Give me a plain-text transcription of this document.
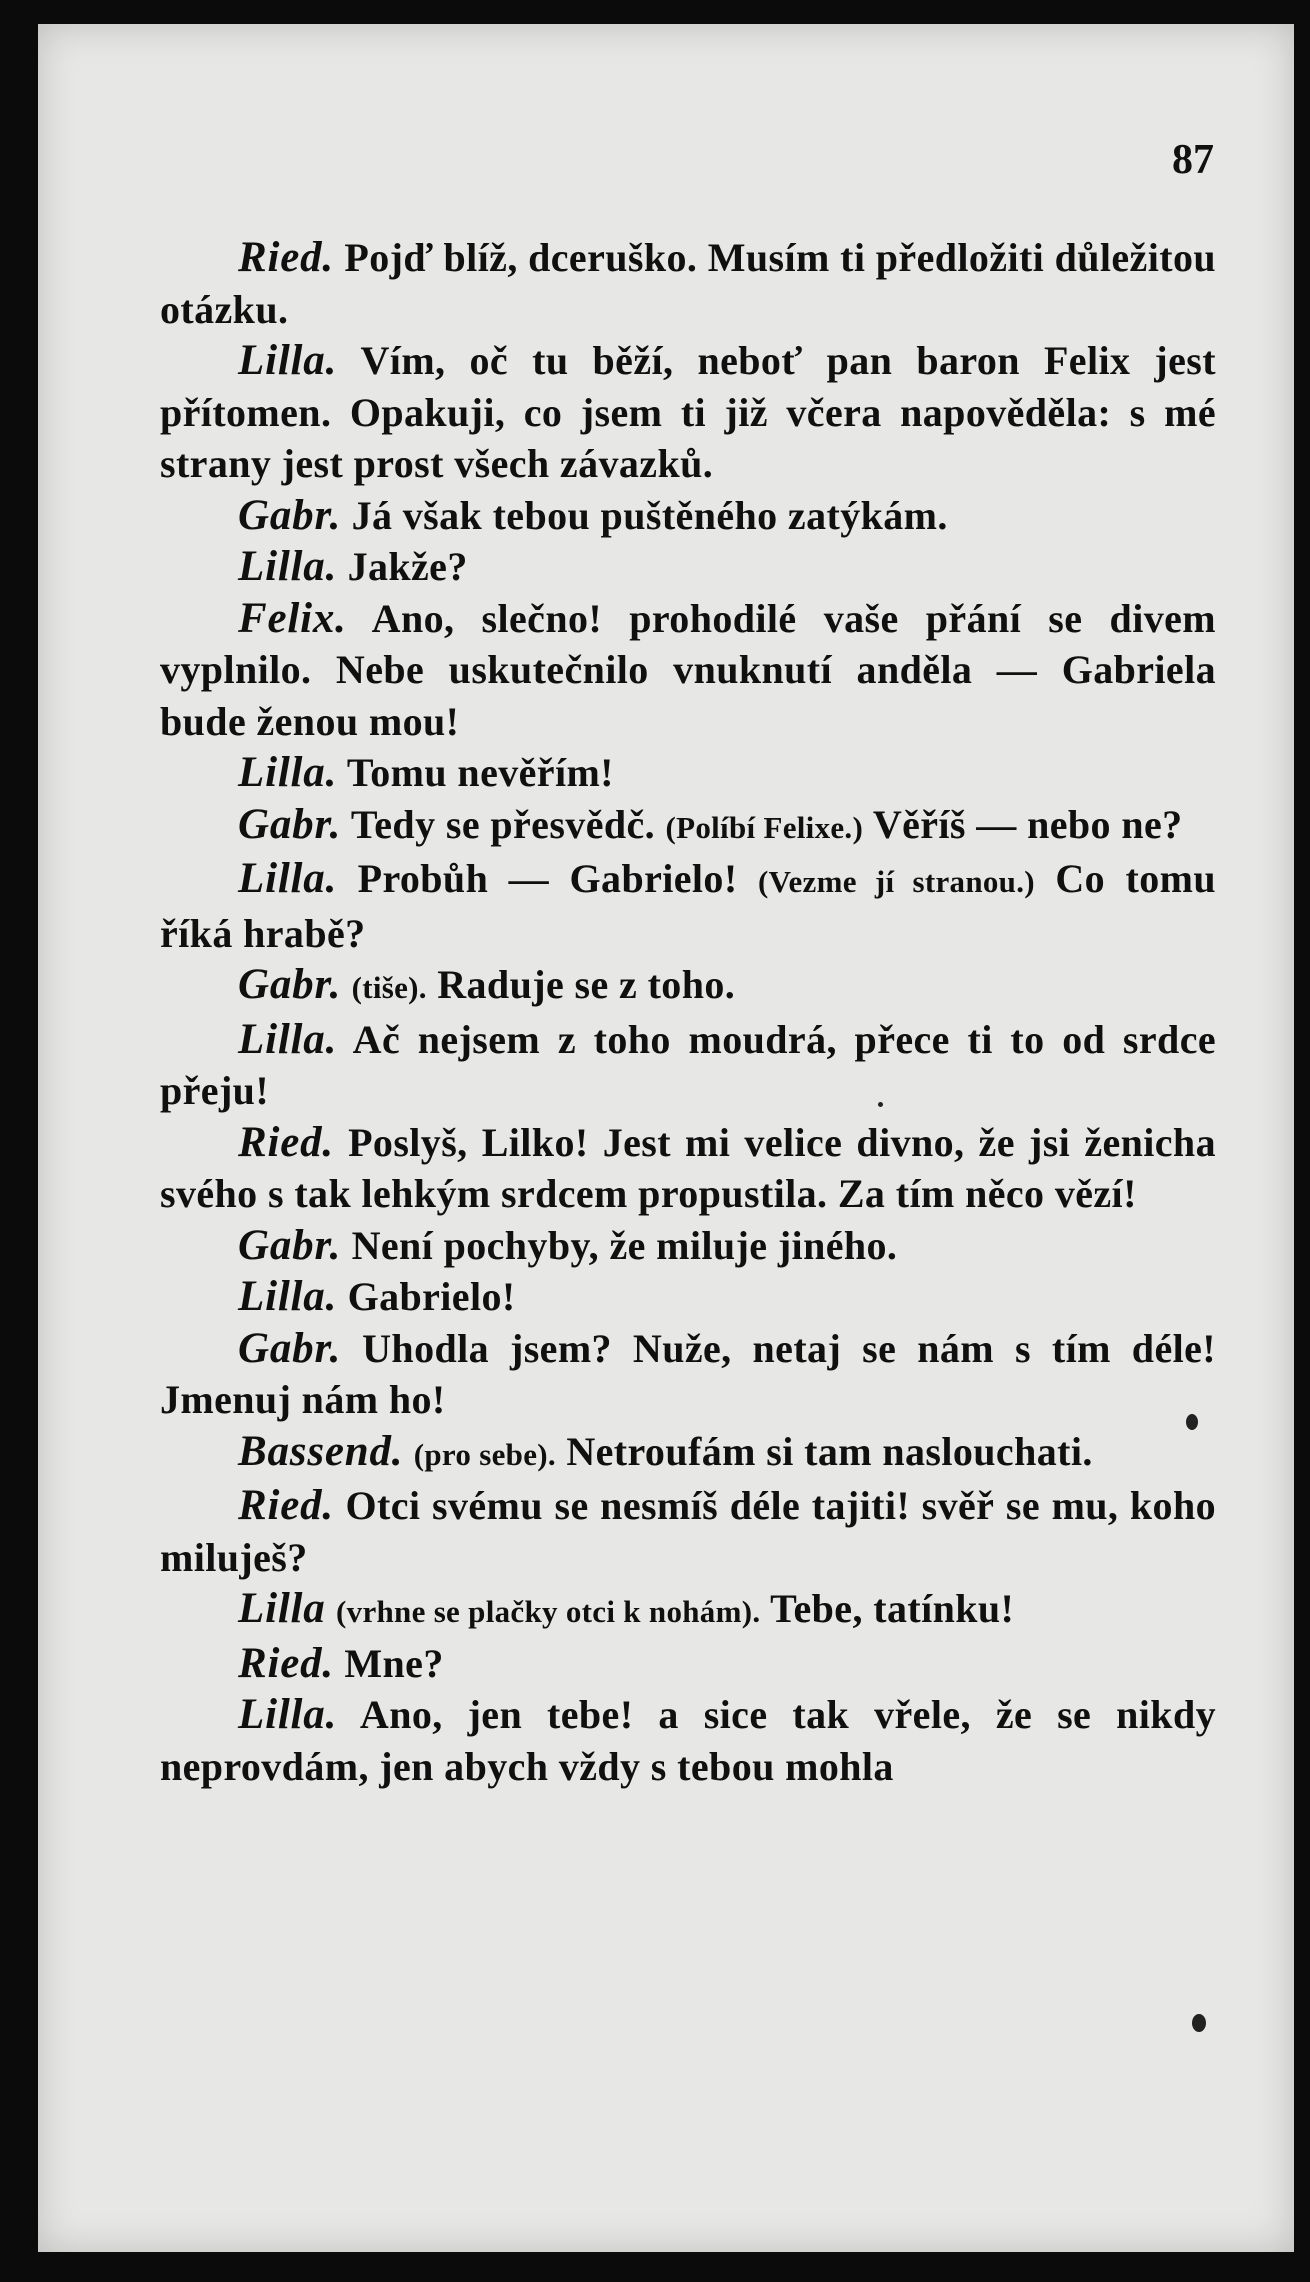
87

Ried. Pojď blíž, dceruško. Musím ti předložiti důležitou otázku.

Lilla. Vím, oč tu běží, neboť pan baron Felix jest přítomen. Opakuji, co jsem ti již včera napověděla: s mé strany jest prost všech závazků.

Gabr. Já však tebou puštěného zatýkám.

Lilla. Jakže?

Felix. Ano, slečno! prohodilé vaše přání se divem vyplnilo. Nebe uskutečnilo vnuknutí anděla — Gabriela bude ženou mou!

Lilla. Tomu nevěřím!

Gabr. Tedy se přesvědč. (Políbí Felixe.) Věříš — nebo ne?

Lilla. Probůh — Gabrielo! (Vezme jí stranou.) Co tomu říká hrabě?

Gabr. (tiše). Raduje se z toho.

Lilla. Ač nejsem z toho moudrá, přece ti to od srdce přeju!

Ried. Poslyš, Lilko! Jest mi velice divno, že jsi ženicha svého s tak lehkým srdcem propustila. Za tím něco vězí!

Gabr. Není pochyby, že miluje jiného.

Lilla. Gabrielo!

Gabr. Uhodla jsem? Nuže, netaj se nám s tím déle! Jmenuj nám ho!

Bassend. (pro sebe). Netroufám si tam naslouchati.

Ried. Otci svému se nesmíš déle tajiti! svěř se mu, koho miluješ?

Lilla (vrhne se plačky otci k nohám). Tebe, tatínku!

Ried. Mne?

Lilla. Ano, jen tebe! a sice tak vřele, že se nikdy neprovdám, jen abych vždy s tebou mohla
